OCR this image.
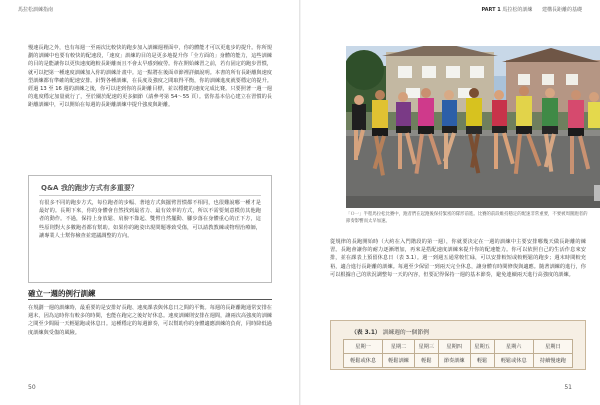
馬拉松訓練指南	PART 1 馬拉松的訓練 建構長距離的基礎

慢速長跑之外，也有每週一至兩次比較快的跑步加入訓練週裡面中，你的體能才可以更進步的提升。你所規劃的訓練中也要有較快的配速段，「速度」訓練的目的是更多地提升你「全方面的」身體的能力，這些訓練的目的是能讓你以更快速度跑較長距離而且不會太早感到疲勞。你在開始練習之前，若有固定的跑步習慣，就可以把第一種速度訓練加入你的訓練計畫中。這一點將在後面章節裡詳細說明。本書的所有長距離與速度型訓練都有準確的配速安排。針對各種訓練，在長度及強度之間取得平衡，你的訓練進度就要穩定的提升。經過 13 至 16 週的訓練之後，你可以達到你的長距離目標，並以穩健的速度完成比賽。只要照著一週一週的進度穩定加量就行了，至於關於配速的更多細節（請參考第 54～55 頁）。當你基本信心建立在習慣的長距離訓練中，可以開始在每週的長距離訓練中提升強度與距離。

Q&A 我的跑步方式有多重要？

有很多不同的跑步方式，每位跑者的步幅、著地方式與擺臂習慣都不相同，也很難說哪一種才是最好的。長期下來，你的身體會自然找到最省力、最有效率的方式，所以不需要刻意模仿其他跑者的動作。不過，保持上身放鬆、肩膀不聳起、雙臂自然擺動、腳步落在身體重心的正下方，這些原則對大多數跑者都有幫助。如果你的跑姿出現問題導致受傷，可以請教教練或物理治療師，讓專業人士幫你檢查並建議調整的方向。

確立一週的例行訓練

在規劃一週的訓練時，最重要的是安排好長跑、速度課表與休息日之間的平衡。每週的長距離跑通常安排在週末，因為這時你有較多的時間，也能在跑完之後好好休息。速度訓練則安排在週間，讓兩次高強度的訓練之間至少間隔一天輕鬆跑或休息日。這種穩定的每週節奏，可以幫助你的身體適應訓練的負荷，同時降低過度訓練與受傷的風險。

50

「Ｏ一」半程馬拉松比賽中，跑者們在起跑後保持緊密的隊形前進。比賽的前段維持穩定的配速非常重要，不要被周圍跑者的節奏影響而太早加速。

從規律的長跑開始時（大約在入門階段的第一週），你就要決定在一週的訓練中主要安排哪幾天做長距離的練習。長跑會讓你的耐力逐漸增加，再來是搭配速度訓練來提升你的配速能力。你可以依照自己的生活作息來安排，並在課表上預留休息日（表 3.1）。週一到週五通常較忙碌，可以安排較短或較輕鬆的跑步；週末時間較充裕，適合進行長距離的訓練。每週至少保留一到兩天完全休息，讓身體有時間修復與適應。隨著訓練的進行，你可以根據自己的狀況調整每一天的內容，但要記得保持一週的基本節奏，避免連續兩天進行高強度的訓練。

（表 3.1） 訓練週的一個節例
星期一	星期二	星期三	星期四	星期五	星期六	星期日
輕鬆或休息	輕鬆訓練	輕鬆	節奏訓練	輕鬆	輕鬆或休息	持續慢速跑
51
